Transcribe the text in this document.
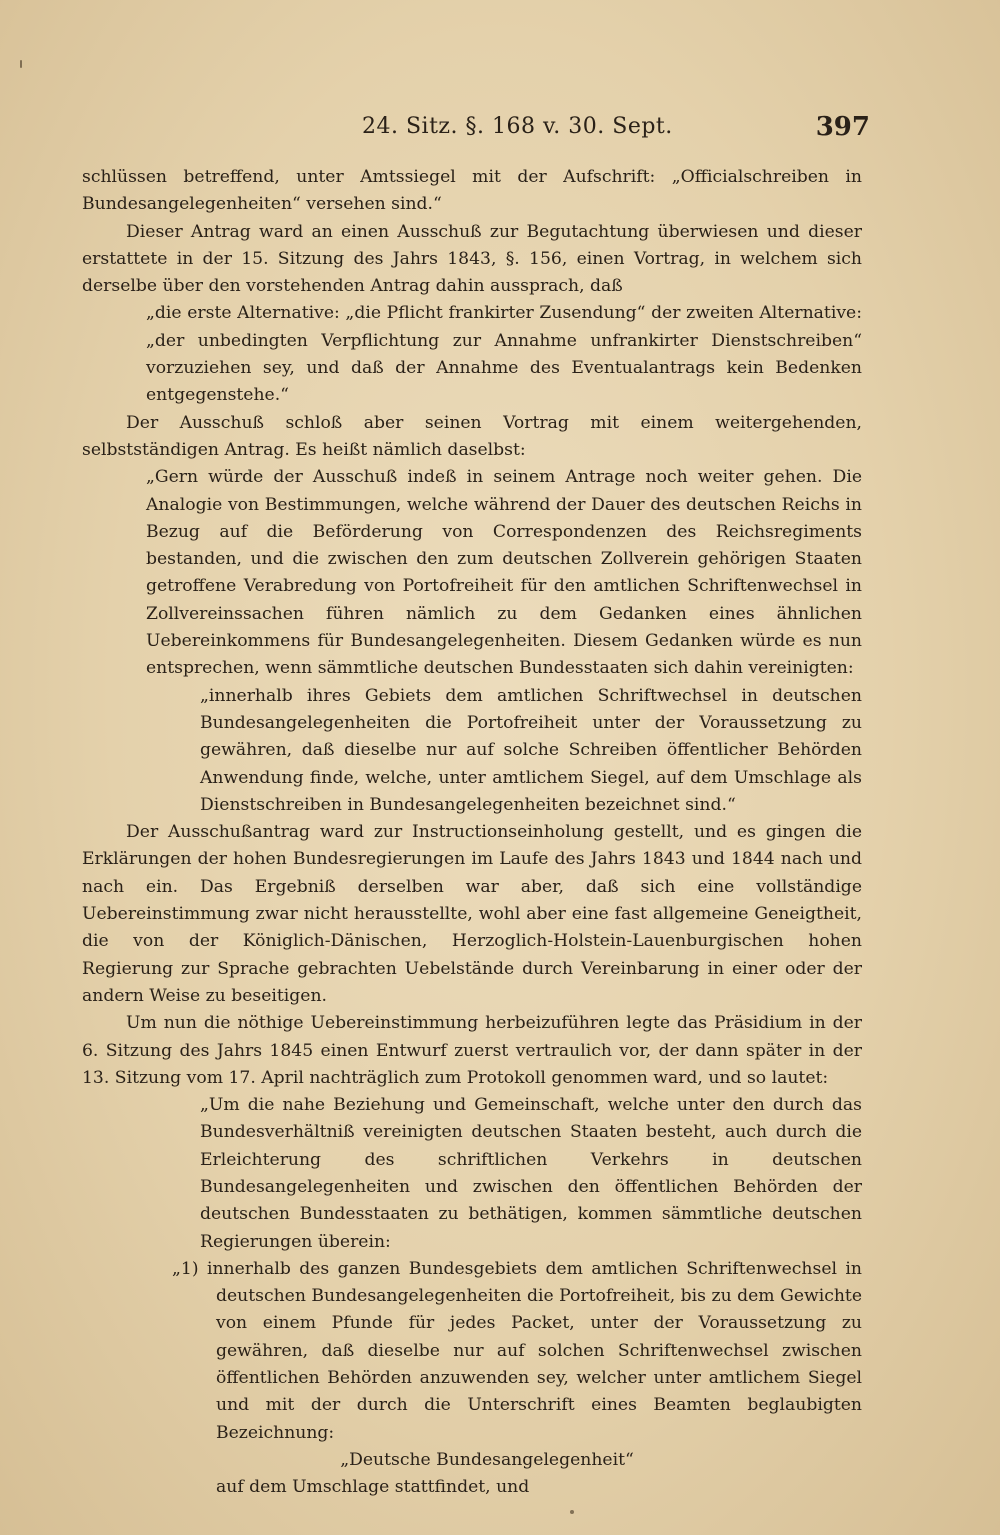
24. Sitz. §. 168 v. 30. Sept.	397

schlüssen betreffend, unter Amtssiegel mit der Aufschrift: „Officialschreiben in Bundesangelegenheiten“ versehen sind.“

Dieser Antrag ward an einen Ausschuß zur Begutachtung überwiesen und dieser erstattete in der 15. Sitzung des Jahrs 1843, §. 156, einen Vortrag, in welchem sich derselbe über den vorstehenden Antrag dahin aussprach, daß

„die erste Alternative: „die Pflicht frankirter Zusendung“ der zweiten Alternative: „der unbedingten Verpflichtung zur Annahme unfrankirter Dienstschreiben“ vorzuziehen sey, und daß der Annahme des Eventualantrags kein Bedenken entgegenstehe.“

Der Ausschuß schloß aber seinen Vortrag mit einem weitergehenden, selbstständigen Antrag. Es heißt nämlich daselbst:

„Gern würde der Ausschuß indeß in seinem Antrage noch weiter gehen. Die Analogie von Bestimmungen, welche während der Dauer des deutschen Reichs in Bezug auf die Beförderung von Correspondenzen des Reichsregiments bestanden, und die zwischen den zum deutschen Zollverein gehörigen Staaten getroffene Verabredung von Portofreiheit für den amtlichen Schriftenwechsel in Zollvereinssachen führen nämlich zu dem Gedanken eines ähnlichen Uebereinkommens für Bundesangelegenheiten. Diesem Gedanken würde es nun entsprechen, wenn sämmtliche deutschen Bundesstaaten sich dahin vereinigten:

„innerhalb ihres Gebiets dem amtlichen Schriftwechsel in deutschen Bundesangelegenheiten die Portofreiheit unter der Voraussetzung zu gewähren, daß dieselbe nur auf solche Schreiben öffentlicher Behörden Anwendung finde, welche, unter amtlichem Siegel, auf dem Umschlage als Dienstschreiben in Bundesangelegenheiten bezeichnet sind.“

Der Ausschußantrag ward zur Instructionseinholung gestellt, und es gingen die Erklärungen der hohen Bundesregierungen im Laufe des Jahrs 1843 und 1844 nach und nach ein. Das Ergebniß derselben war aber, daß sich eine vollständige Uebereinstimmung zwar nicht herausstellte, wohl aber eine fast allgemeine Geneigtheit, die von der Königlich-Dänischen, Herzoglich-Holstein-Lauenburgischen hohen Regierung zur Sprache gebrachten Uebelstände durch Vereinbarung in einer oder der andern Weise zu beseitigen.

Um nun die nöthige Uebereinstimmung herbeizuführen legte das Präsidium in der 6. Sitzung des Jahrs 1845 einen Entwurf zuerst vertraulich vor, der dann später in der 13. Sitzung vom 17. April nachträglich zum Protokoll genommen ward, und so lautet:

„Um die nahe Beziehung und Gemeinschaft, welche unter den durch das Bundesverhältniß vereinigten deutschen Staaten besteht, auch durch die Erleichterung des schriftlichen Verkehrs in deutschen Bundesangelegenheiten und zwischen den öffentlichen Behörden der deutschen Bundesstaaten zu bethätigen, kommen sämmtliche deutschen Regierungen überein:

„1) innerhalb des ganzen Bundesgebiets dem amtlichen Schriftenwechsel in deutschen Bundesangelegenheiten die Portofreiheit, bis zu dem Gewichte von einem Pfunde für jedes Packet, unter der Voraussetzung zu gewähren, daß dieselbe nur auf solchen Schriftenwechsel zwischen öffentlichen Behörden anzuwenden sey, welcher unter amtlichem Siegel und mit der durch die Unterschrift eines Beamten beglaubigten Bezeichnung:

„Deutsche Bundesangelegenheit“

auf dem Umschlage stattfindet, und
